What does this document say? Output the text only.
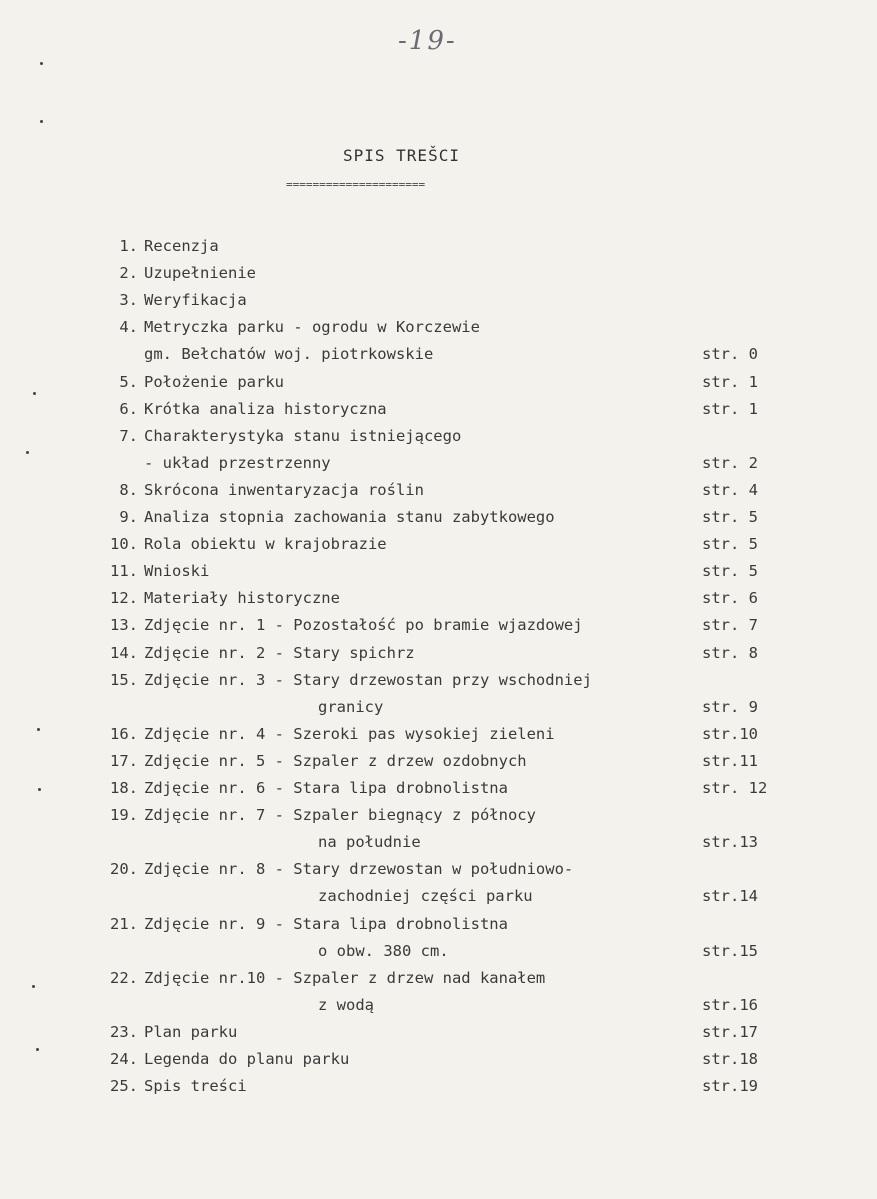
-19-
SPIS TREŠCI
=====================
1. Recenzja
2. Uzupełnienie
3. Weryfikacja
4. Metryczka parku - ogrodu w Korczewie
gm. Bełchatów woj. piotrkowskie	str. 0
5. Położenie parku	str. 1
6. Krótka analiza historyczna	str. 1
7. Charakterystyka stanu istniejącego
- układ przestrzenny	str. 2
8. Skrócona inwentaryzacja roślin	str. 4
9. Analiza stopnia zachowania stanu zabytkowego	str. 5
10. Rola obiektu w krajobrazie	str. 5
11. Wnioski	str. 5
12. Materiały historyczne	str. 6
13. Zdjęcie nr. 1 - Pozostałość po bramie wjazdowej	str. 7
14. Zdjęcie nr. 2 - Stary spichrz	str. 8
15. Zdjęcie nr. 3 - Stary drzewostan przy wschodniej
granicy	str. 9
16. Zdjęcie nr. 4 - Szeroki pas wysokiej zieleni	str.10
17. Zdjęcie nr. 5 - Szpaler z drzew ozdobnych	str.11
18. Zdjęcie nr. 6 - Stara lipa drobnolistna	str. 12
19. Zdjęcie nr. 7 - Szpaler biegnący z północy
na południe	str.13
20. Zdjęcie nr. 8 - Stary drzewostan w południowo-
zachodniej części parku	str.14
21. Zdjęcie nr. 9 - Stara lipa drobnolistna
o obw. 380 cm.	str.15
22. Zdjęcie nr.10 - Szpaler z drzew nad kanałem
z wodą	str.16
23. Plan parku	str.17
24. Legenda do planu parku	str.18
25. Spis treści	str.19
